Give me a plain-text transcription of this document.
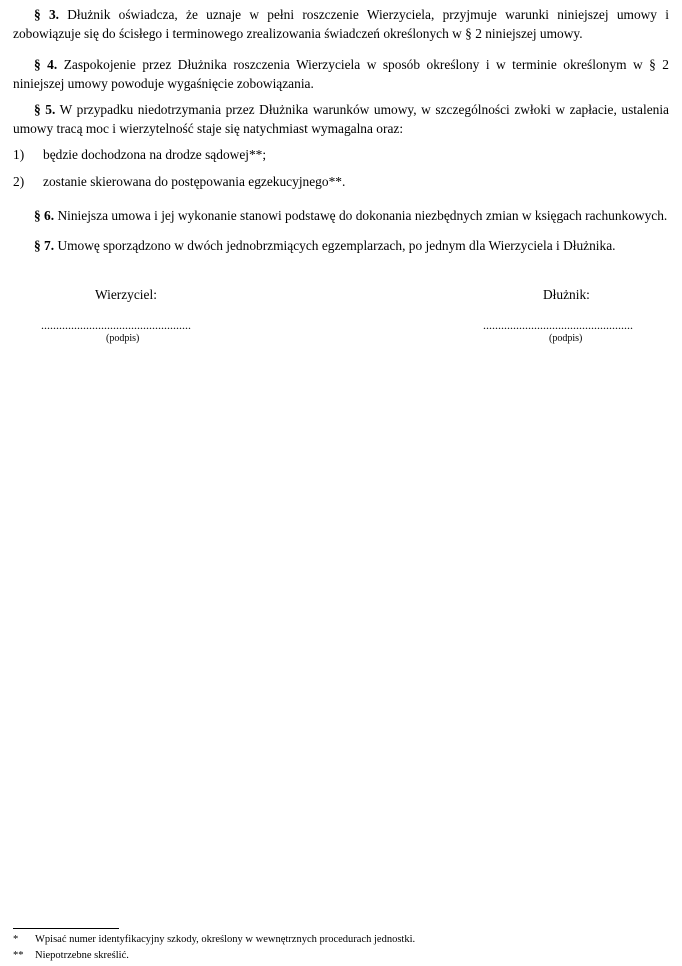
§ 3. Dłużnik oświadcza, że uznaje w pełni roszczenie Wierzyciela, przyjmuje warunki niniejszej umowy i zobowiązuje się do ścisłego i terminowego zrealizowania świadczeń określonych w § 2 niniejszej umowy.

§ 4. Zaspokojenie przez Dłużnika roszczenia Wierzyciela w sposób określony i w terminie określonym w § 2 niniejszej umowy powoduje wygaśnięcie zobowiązania.

§ 5. W przypadku niedotrzymania przez Dłużnika warunków umowy, w szczególności zwłoki w zapłacie, ustalenia umowy tracą moc i wierzytelność staje się natychmiast wymagalna oraz:

1) będzie dochodzona na drodze sądowej**;
2) zostanie skierowana do postępowania egzekucyjnego**.

§ 6. Niniejsza umowa i jej wykonanie stanowi podstawę do dokonania niezbędnych zmian w księgach rachunkowych.

§ 7. Umowę sporządzono w dwóch jednobrzmiących egzemplarzach, po jednym dla Wierzyciela i Dłużnika.

Wierzyciel:
..................................................
(podpis)
Dłużnik:
..................................................
(podpis)
* Wpisać numer identyfikacyjny szkody, określony w wewnętrznych procedurach jednostki.
** Niepotrzebne skreślić.
